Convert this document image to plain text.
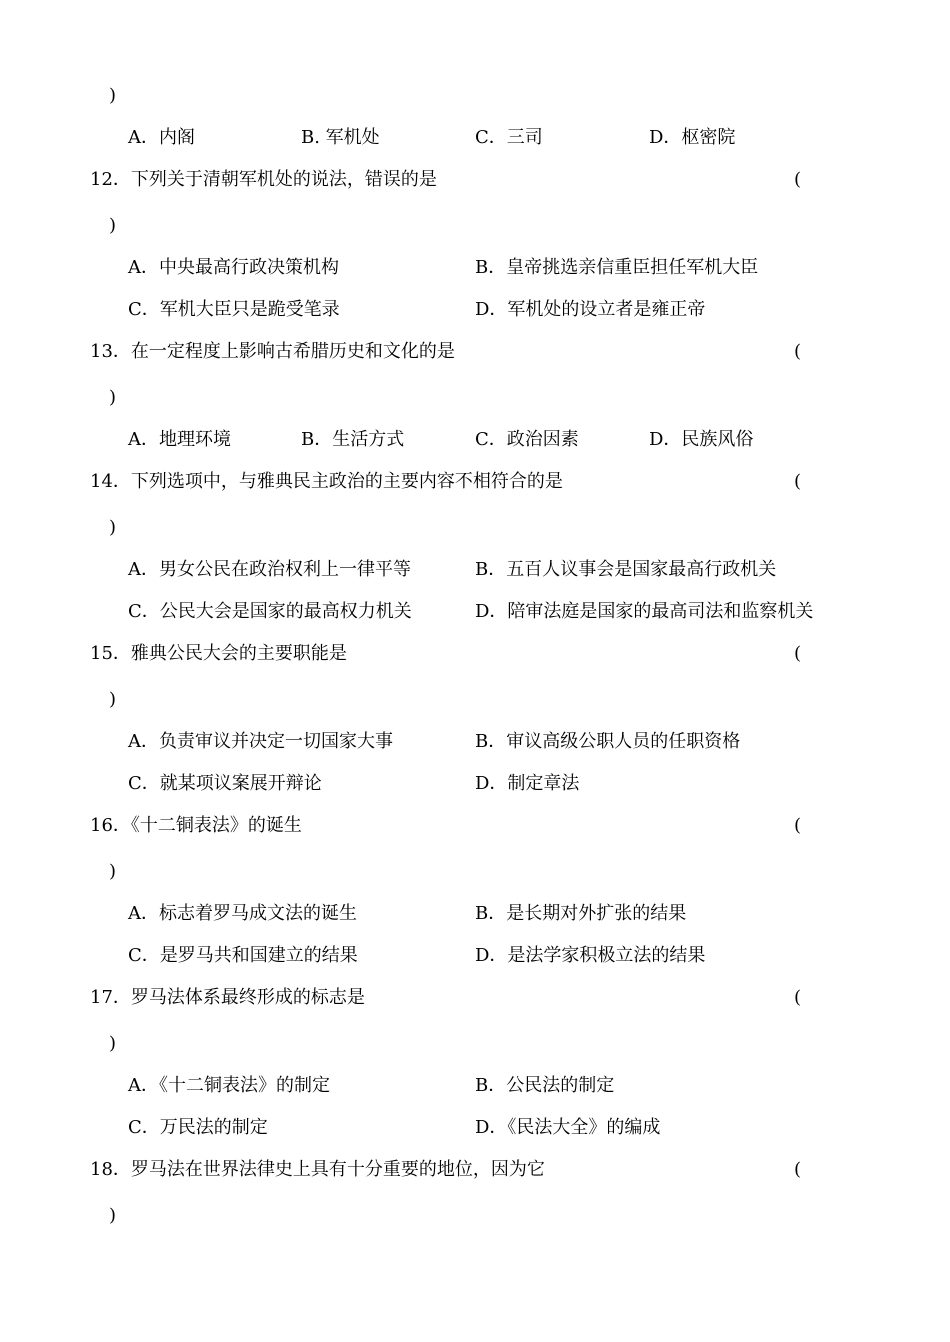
)
A．内阁	B. 军机处	C．三司	D．枢密院
12．下列关于清朝军机处的说法，错误的是	(
)
A．中央最高行政决策机构	B．皇帝挑选亲信重臣担任军机大臣
C．军机大臣只是跪受笔录	D．军机处的设立者是雍正帝
13．在一定程度上影响古希腊历史和文化的是	(
)
A．地理环境	B．生活方式	C．政治因素	D．民族风俗
14．下列选项中，与雅典民主政治的主要内容不相符合的是	(
)
A．男女公民在政治权利上一律平等	B．五百人议事会是国家最高行政机关
C．公民大会是国家的最高权力机关	D．陪审法庭是国家的最高司法和监察机关
15．雅典公民大会的主要职能是	(
)
A．负责审议并决定一切国家大事	B．审议高级公职人员的任职资格
C．就某项议案展开辩论	D．制定章法
16．《十二铜表法》的诞生	(
)
A．标志着罗马成文法的诞生	B．是长期对外扩张的结果
C．是罗马共和国建立的结果	D．是法学家积极立法的结果
17．罗马法体系最终形成的标志是	(
)
A．《十二铜表法》的制定	B．公民法的制定
C．万民法的制定	D．《民法大全》的编成
18．罗马法在世界法律史上具有十分重要的地位，因为它	(
)
